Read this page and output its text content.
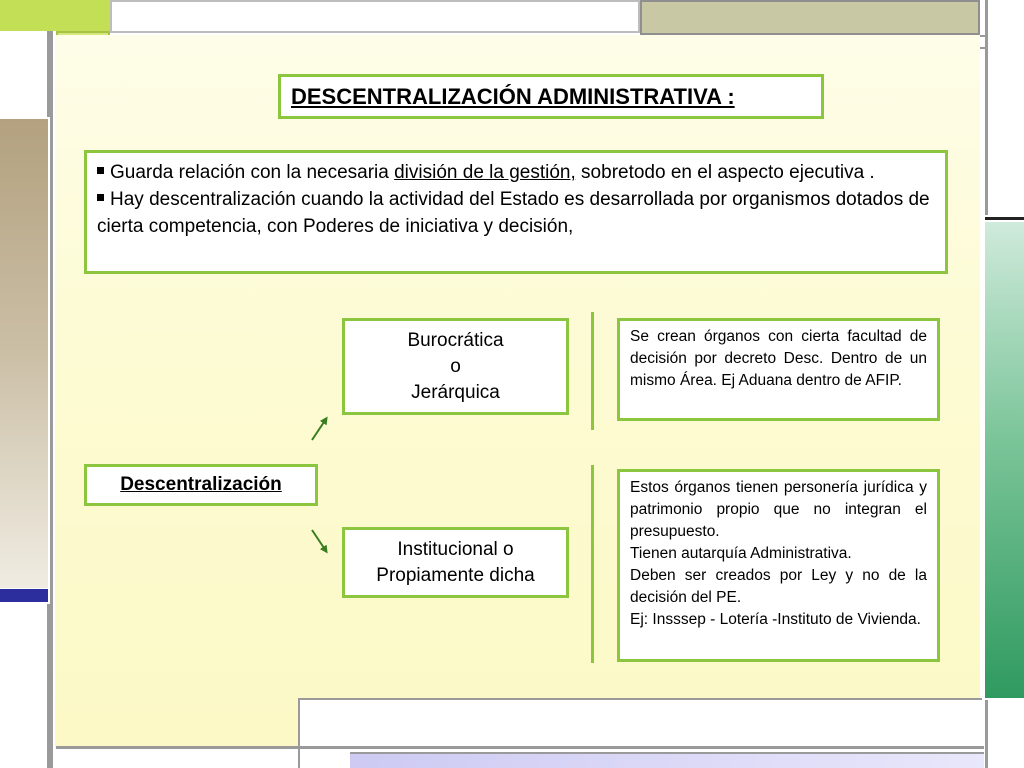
DESCENTRALIZACIÓN ADMINISTRATIVA :

Guarda relación con la necesaria división de la gestión, sobretodo en el aspecto ejecutiva .

Hay descentralización cuando la actividad del Estado es desarrollada por organismos dotados de cierta competencia, con Poderes de iniciativa y decisión,

Descentralización
Burocrática
o
Jerárquica
Institucional o
Propiamente dicha

Se crean órganos con cierta facultad de decisión por decreto Desc. Dentro de un mismo Área. Ej Aduana dentro de AFIP.

Estos órganos tienen personería jurídica y patrimonio propio que no integran el presupuesto.

Tienen autarquía Administrativa.

Deben ser creados por Ley y no de la decisión del PE.

Ej: Insssep - Lotería -Instituto de Vivienda.
